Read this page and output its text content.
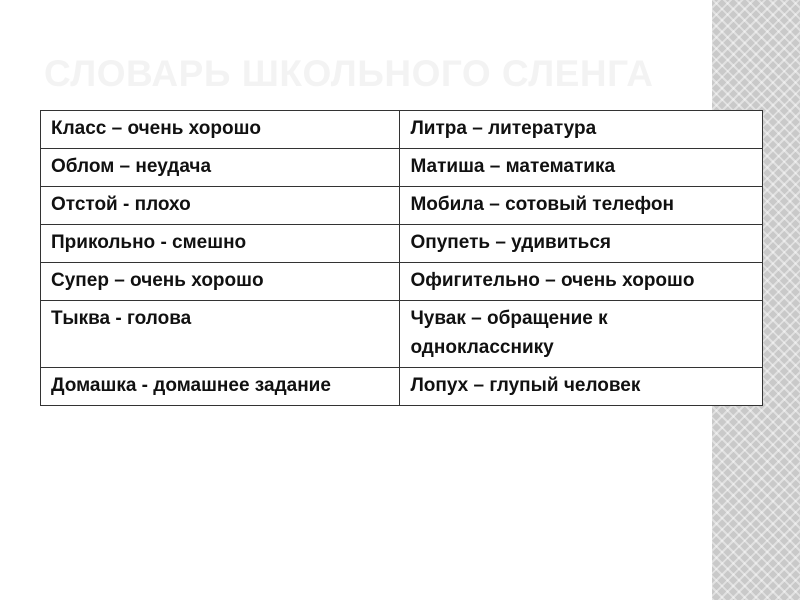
СЛОВАРЬ ШКОЛЬНОГО СЛЕНГА
Класс – очень хорошо	Литра – литература
Облом – неудача	Матиша – математика
Отстой - плохо	Мобила – сотовый телефон
Прикольно - смешно	Опупеть – удивиться
Супер – очень хорошо	Офигительно – очень хорошо
Тыква - голова	Чувак – обращение к однокласснику
Домашка - домашнее задание	Лопух – глупый человек
